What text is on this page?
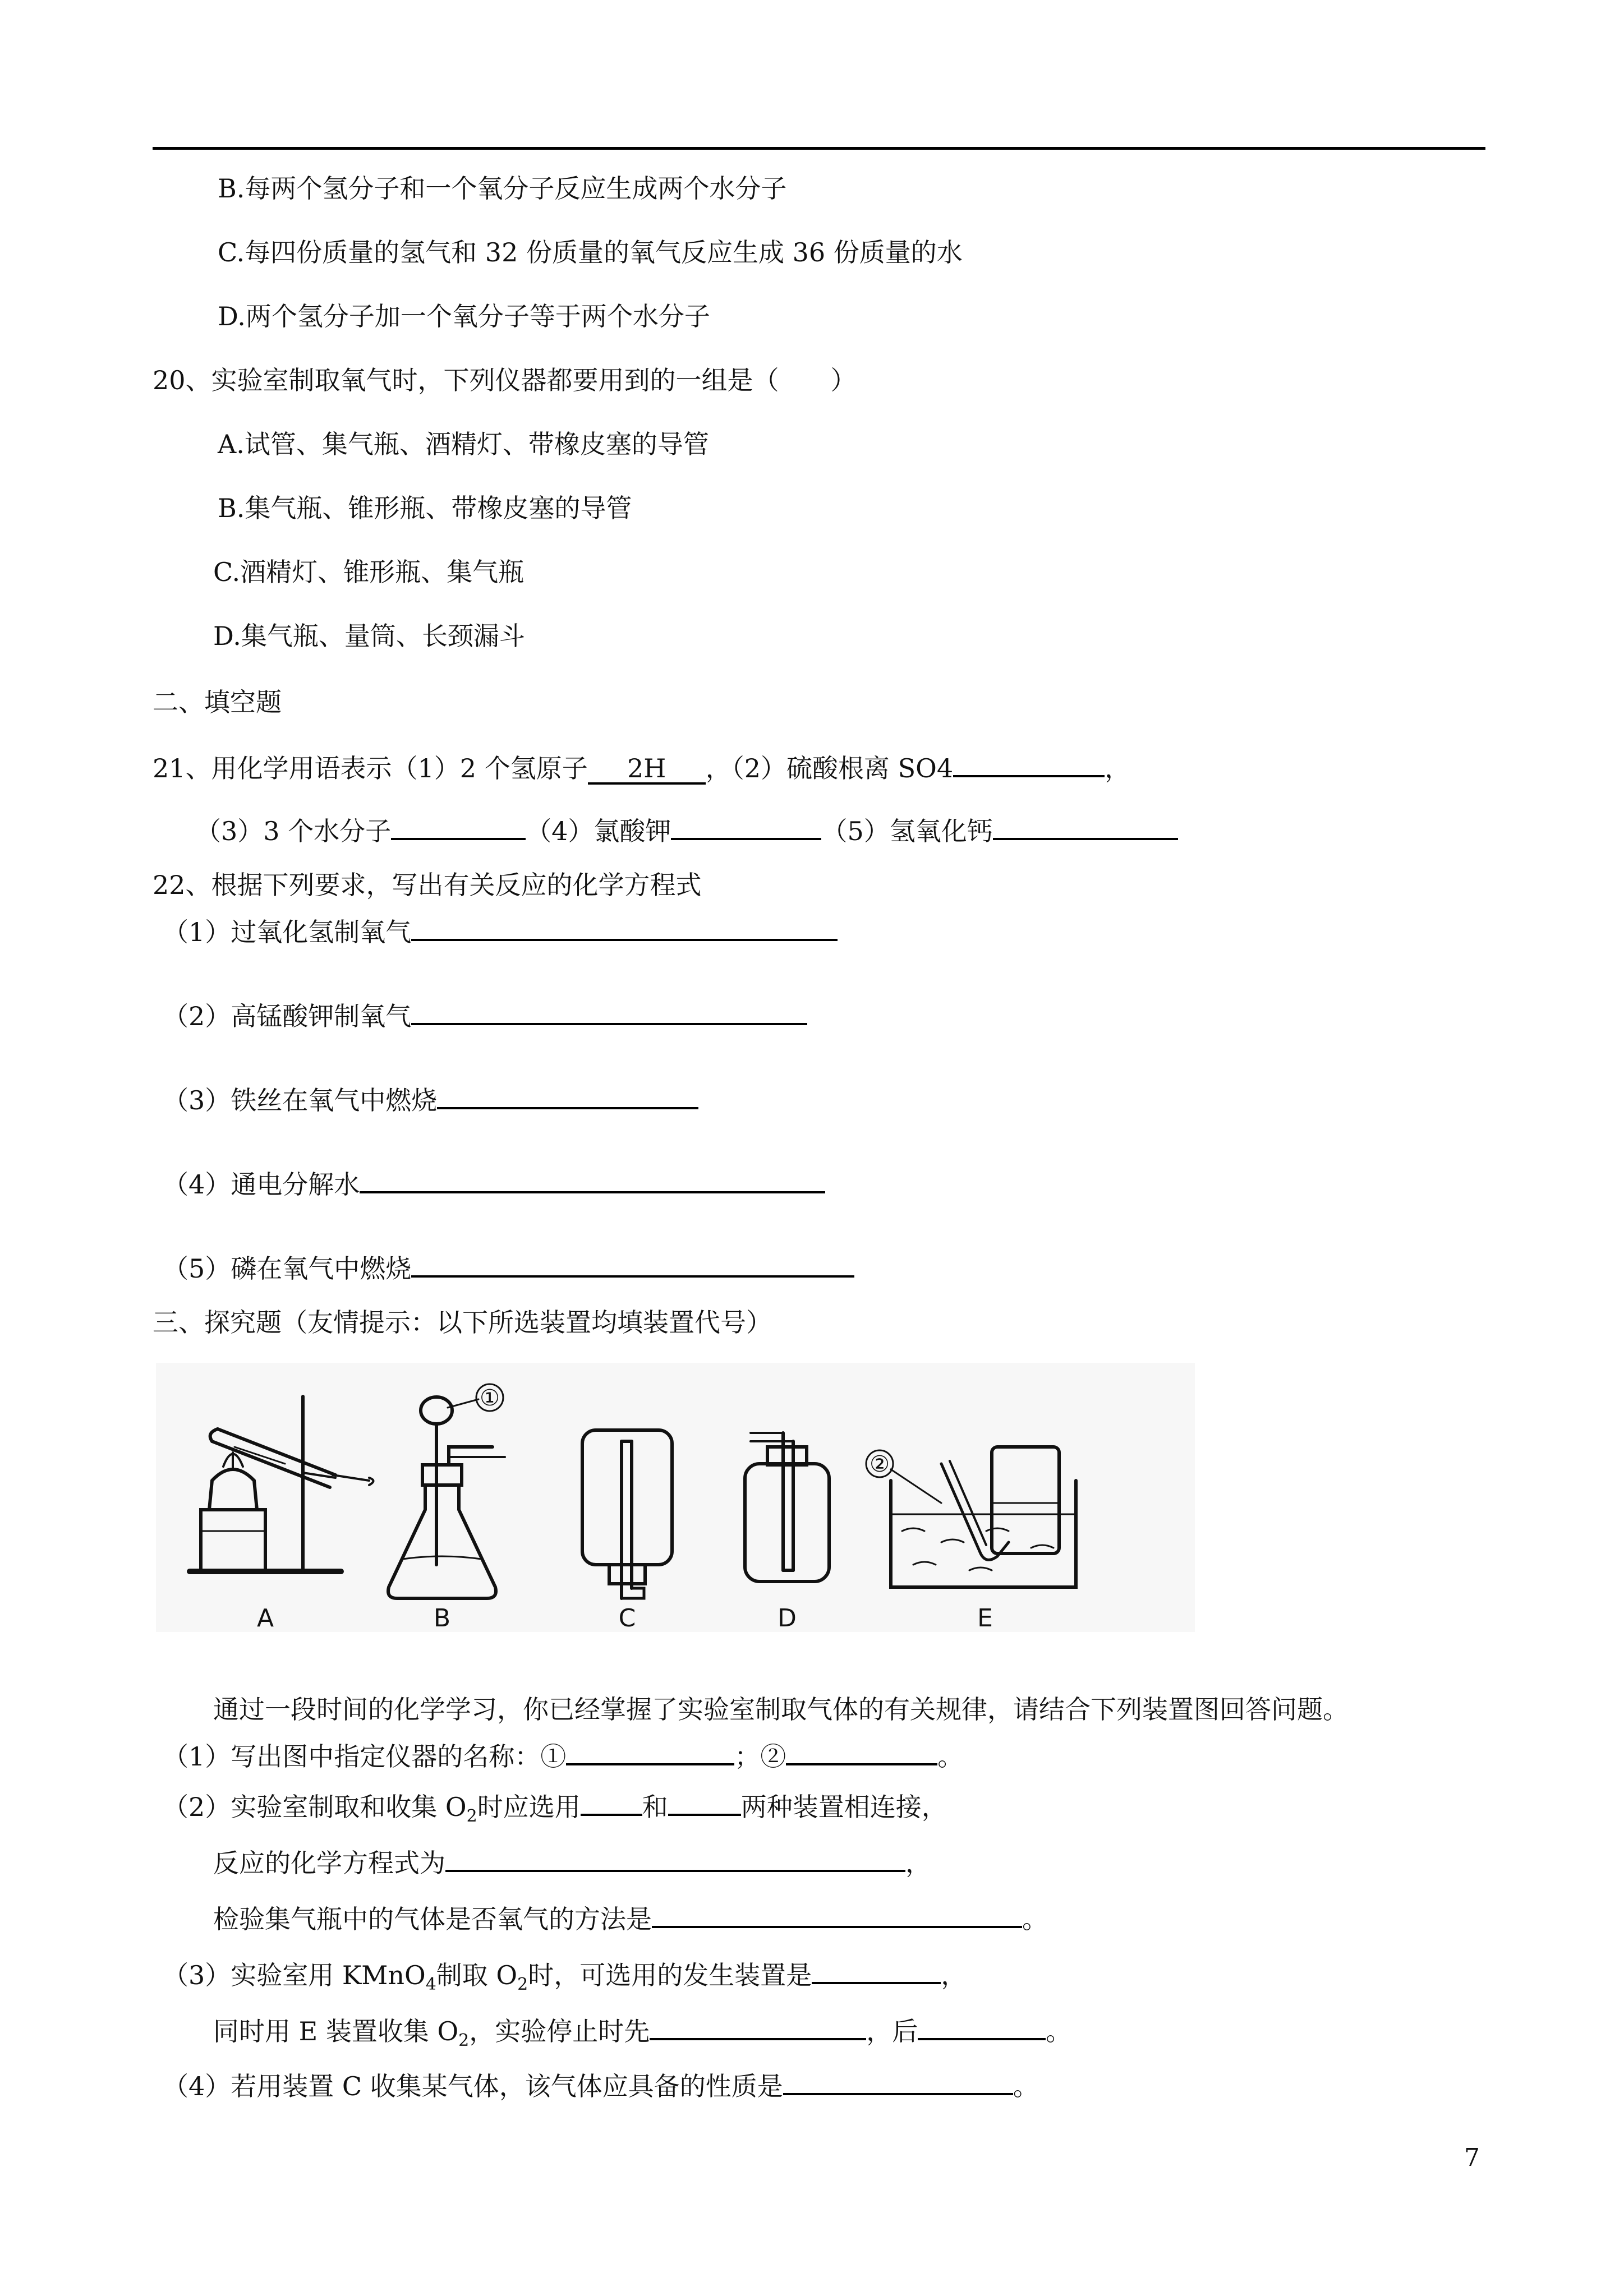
B.每两个氢分子和一个氧分子反应生成两个水分子
C.每四份质量的氢气和 32 份质量的氧气反应生成 36 份质量的水
D.两个氢分子加一个氧分子等于两个水分子
20、实验室制取氧气时，下列仪器都要用到的一组是（　　）
A.试管、集气瓶、酒精灯、带橡皮塞的导管
B.集气瓶、锥形瓶、带橡皮塞的导管
C.酒精灯、锥形瓶、集气瓶
D.集气瓶、量筒、长颈漏斗
二、填空题
21、用化学用语表示（1）2 个氢原子 2H ，（2）硫酸根离 SO4	，
（3）3 个水分子	（4）氯酸钾	（5）氢氧化钙
22、根据下列要求，写出有关反应的化学方程式
（1）过氧化氢制氧气
（2）高锰酸钾制氧气
（3）铁丝在氧气中燃烧
（4）通电分解水
（5）磷在氧气中燃烧
三、探究题（友情提示：以下所选装置均填装置代号）
A	B	C	D	E
①
②
通过一段时间的化学学习，你已经掌握了实验室制取气体的有关规律，请结合下列装置图回答问题。
（1）写出图中指定仪器的名称：①	；②	。
（2）实验室制取和收集 $O_2$时应选用 和	两种装置相连接，
反应的化学方程式为	，
检验集气瓶中的气体是否氧气的方法是	。
（3）实验室用 KMnO$_4$制取 $O_2$时，可选用的发生装置是	，
同时用 E 装置收集 $O_2$，实验停止时先	，后	。
（4）若用装置 C 收集某气体，该气体应具备的性质是	。
7
